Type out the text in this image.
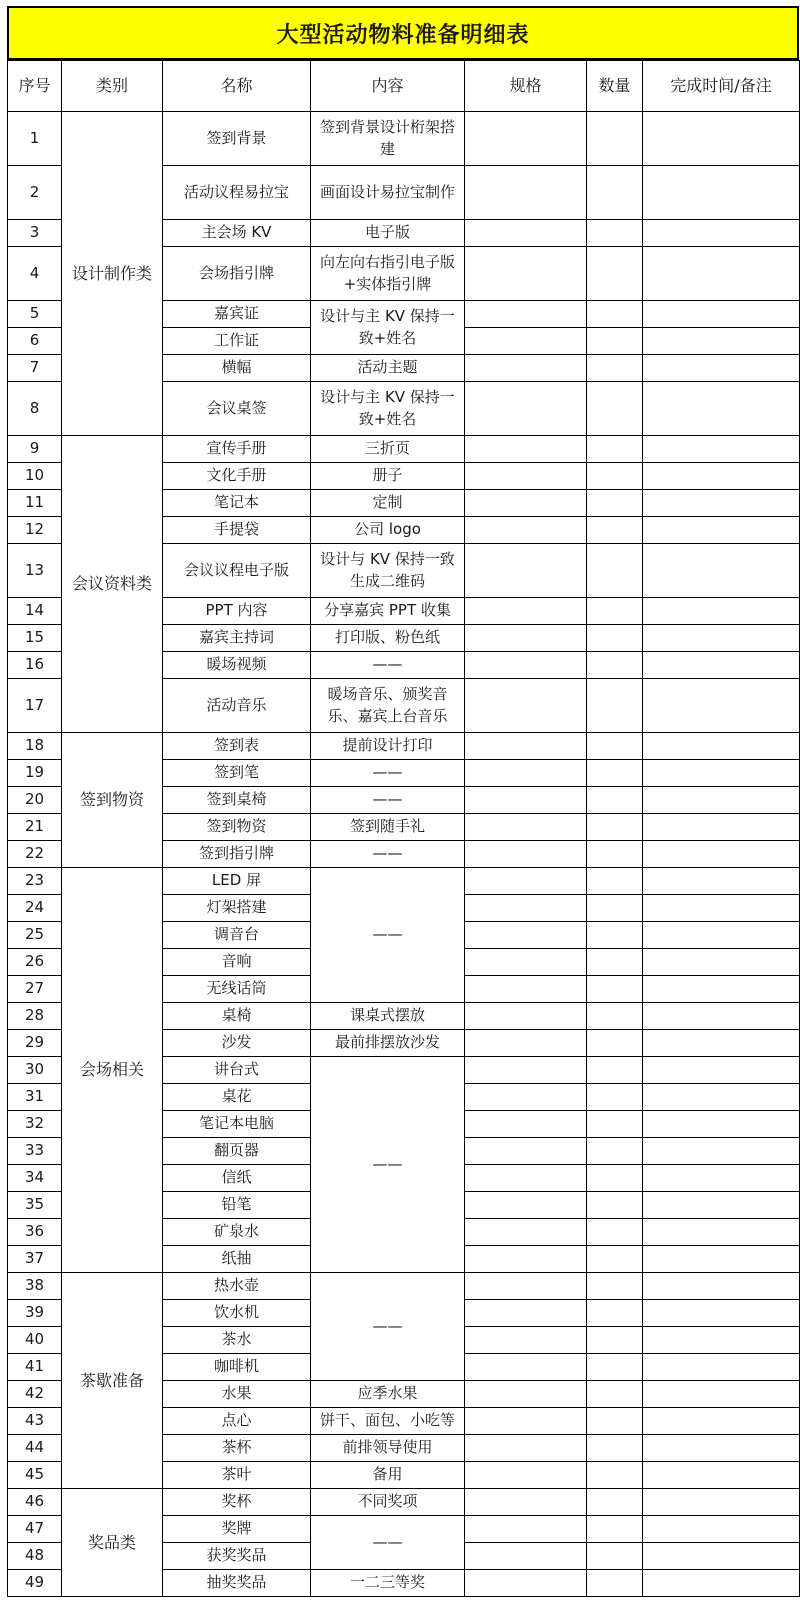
大型活动物料准备明细表
序号	类别	名称	内容	规格	数量	完成时间/备注
1	设计制作类	签到背景	签到背景设计桁架搭建			
2		活动议程易拉宝	画面设计易拉宝制作			
3		主会场 KV	电子版			
4		会场指引牌	向左向右指引电子版+实体指引牌			
5		嘉宾证	设计与主 KV 保持一致+姓名			
6		工作证				
7		横幅	活动主题			
8		会议桌签	设计与主 KV 保持一致+姓名			
9	会议资料类	宣传手册	三折页			
10		文化手册	册子			
11		笔记本	定制			
12		手提袋	公司 logo			
13		会议议程电子版	设计与 KV 保持一致生成二维码			
14		PPT 内容	分享嘉宾 PPT 收集			
15		嘉宾主持词	打印版、粉色纸			
16		暖场视频	——			
17		活动音乐	暖场音乐、颁奖音乐、嘉宾上台音乐			
18	签到物资	签到表	提前设计打印			
19		签到笔	——			
20		签到桌椅	——			
21		签到物资	签到随手礼			
22		签到指引牌	——			
23	会场相关	LED 屏	——			
24		灯架搭建				
25		调音台				
26		音响				
27		无线话筒				
28		桌椅	课桌式摆放			
29		沙发	最前排摆放沙发			
30		讲台式	——			
31		桌花				
32		笔记本电脑				
33		翻页器				
34		信纸				
35		铅笔				
36		矿泉水				
37		纸抽				
38	茶歇准备	热水壶	——			
39		饮水机				
40		茶水				
41		咖啡机				
42		水果	应季水果			
43		点心	饼干、面包、小吃等			
44		茶杯	前排领导使用			
45		茶叶	备用			
46	奖品类	奖杯	不同奖项			
47		奖牌	——			
48		获奖奖品				
49		抽奖奖品	一二三等奖			
